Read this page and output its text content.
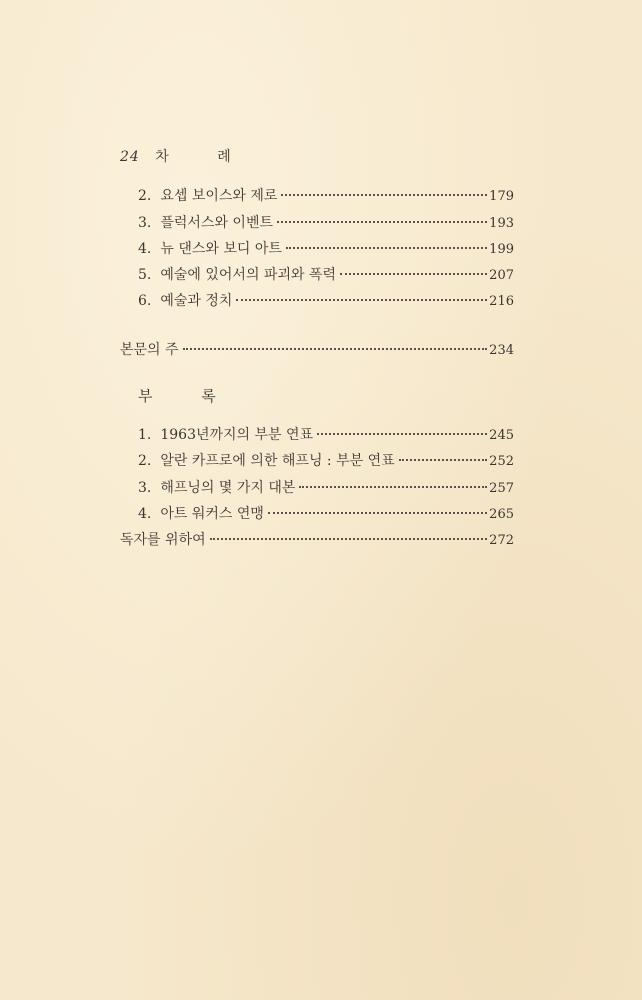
24 차 례
2. 요셉 보이스와 제로	179
3. 플럭서스와 이벤트	193
4. 뉴 댄스와 보디 아트	199
5. 예술에 있어서의 파괴와 폭력	207
6. 예술과 정치	216
본문의 주	234
부 록
1. 1963년까지의 부분 연표	245
2. 알란 카프로에 의한 해프닝 : 부분 연표	252
3. 해프닝의 몇 가지 대본	257
4. 아트 워커스 연맹	265
독자를 위하여	272
